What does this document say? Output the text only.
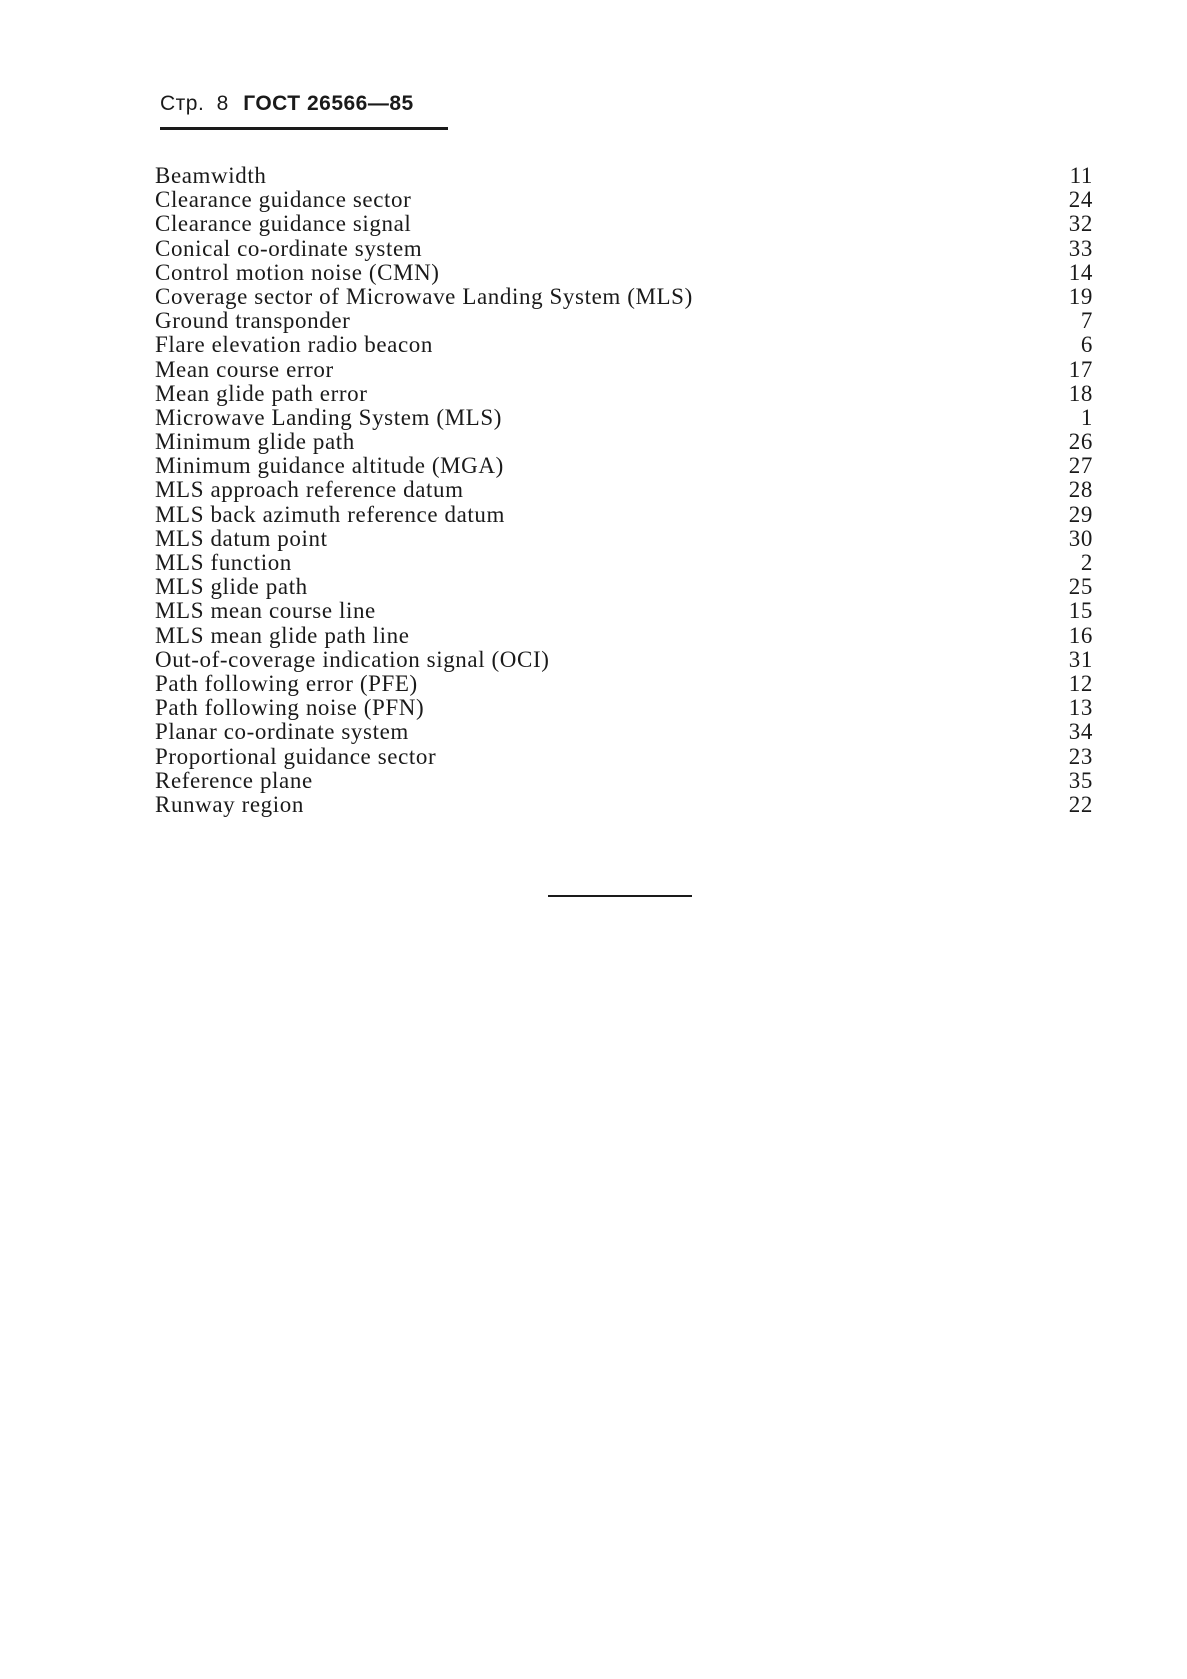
Стр. 8 ГОСТ 26566—85
Beamwidth	11
Clearance guidance sector	24
Clearance guidance signal	32
Conical co-ordinate system	33
Control motion noise (CMN)	14
Coverage sector of Microwave Landing System (MLS)	19
Ground transponder	7
Flare elevation radio beacon	6
Mean course error	17
Mean glide path error	18
Microwave Landing System (MLS)	1
Minimum glide path	26
Minimum guidance altitude (MGA)	27
MLS approach reference datum	28
MLS back azimuth reference datum	29
MLS datum point	30
MLS function	2
MLS glide path	25
MLS mean course line	15
MLS mean glide path line	16
Out-of-coverage indication signal (OCI)	31
Path following error (PFE)	12
Path following noise (PFN)	13
Planar co-ordinate system	34
Proportional guidance sector	23
Reference plane	35
Runway region	22
